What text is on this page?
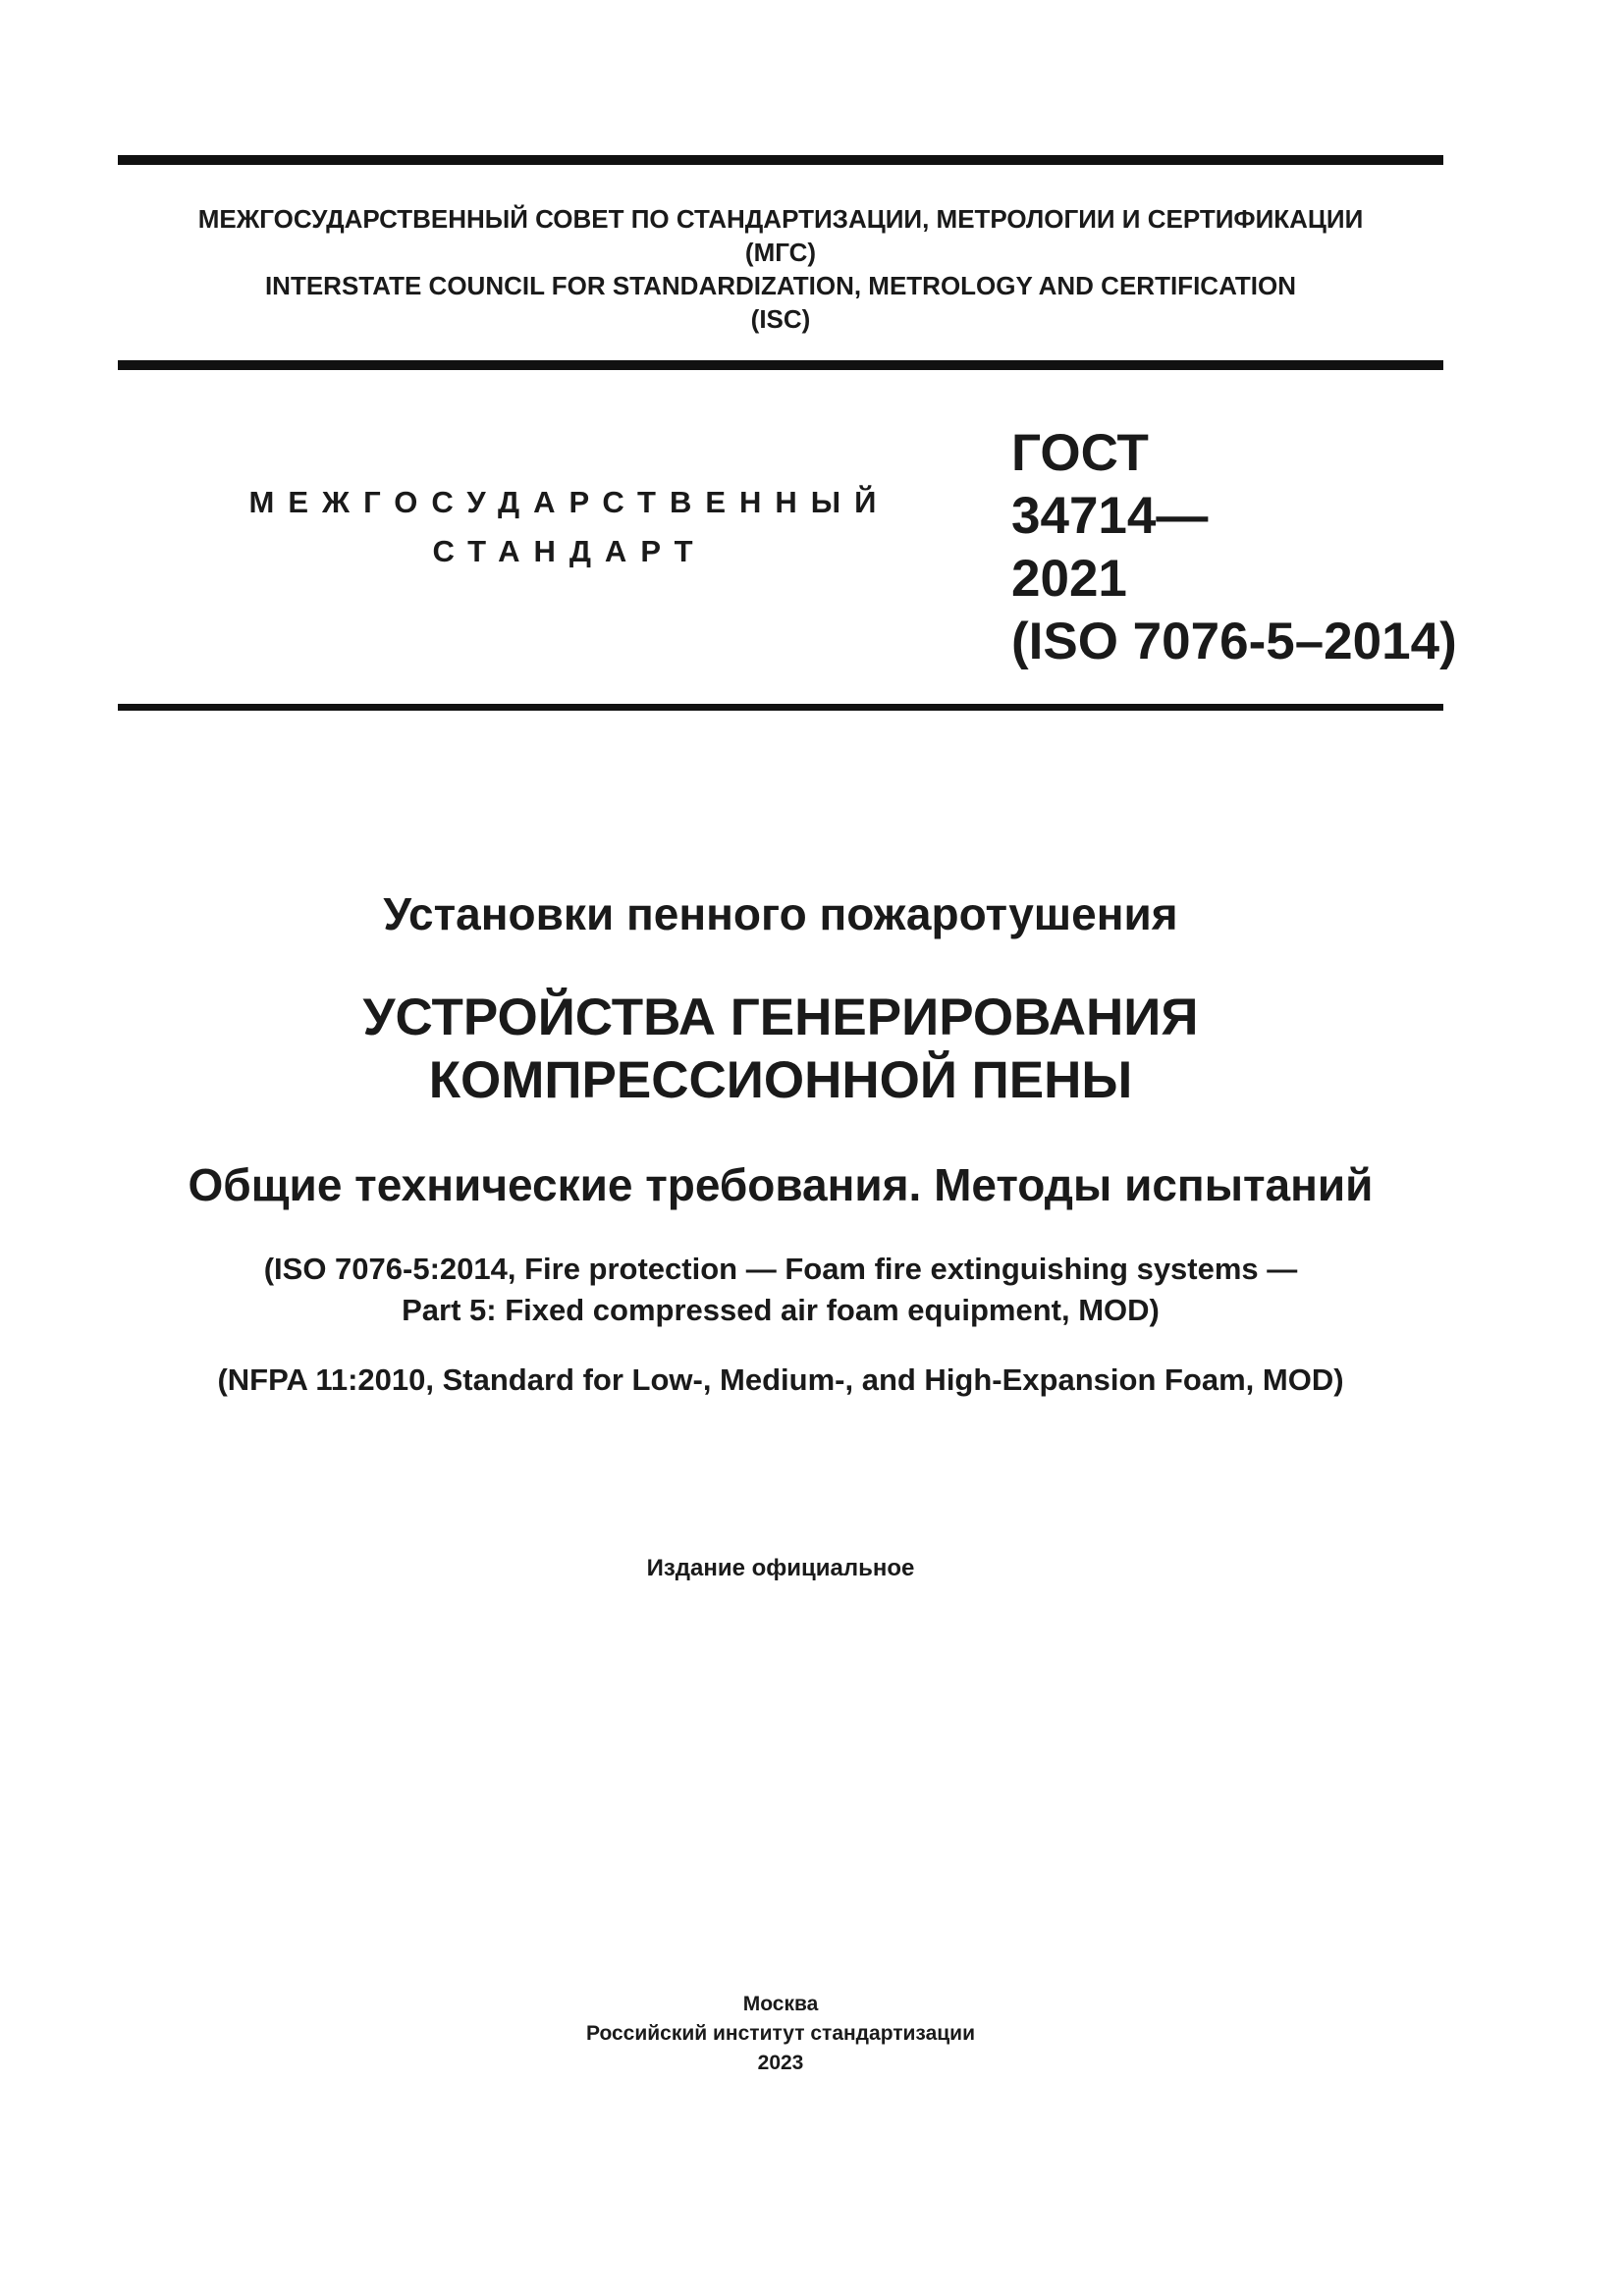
МЕЖГОСУДАРСТВЕННЫЙ СОВЕТ ПО СТАНДАРТИЗАЦИИ, МЕТРОЛОГИИ И СЕРТИФИКАЦИИ
(МГС)
INTERSTATE COUNCIL FOR STANDARDIZATION, METROLOGY AND CERTIFICATION
(ISC)
МЕЖГОСУДАРСТВЕННЫЙ
СТАНДАРТ
ГОСТ
34714—
2021
(ISO 7076-5–2014)
Установки пенного пожаротушения
УСТРОЙСТВА ГЕНЕРИРОВАНИЯ
КОМПРЕССИОННОЙ ПЕНЫ
Общие технические требования. Методы испытаний
(ISO 7076-5:2014, Fire protection — Foam fire extinguishing systems —
Part 5: Fixed compressed air foam equipment, MOD)
(NFPA 11:2010, Standard for Low-, Medium-, and High-Expansion Foam, MOD)
Издание официальное
Москва
Российский институт стандартизации
2023
